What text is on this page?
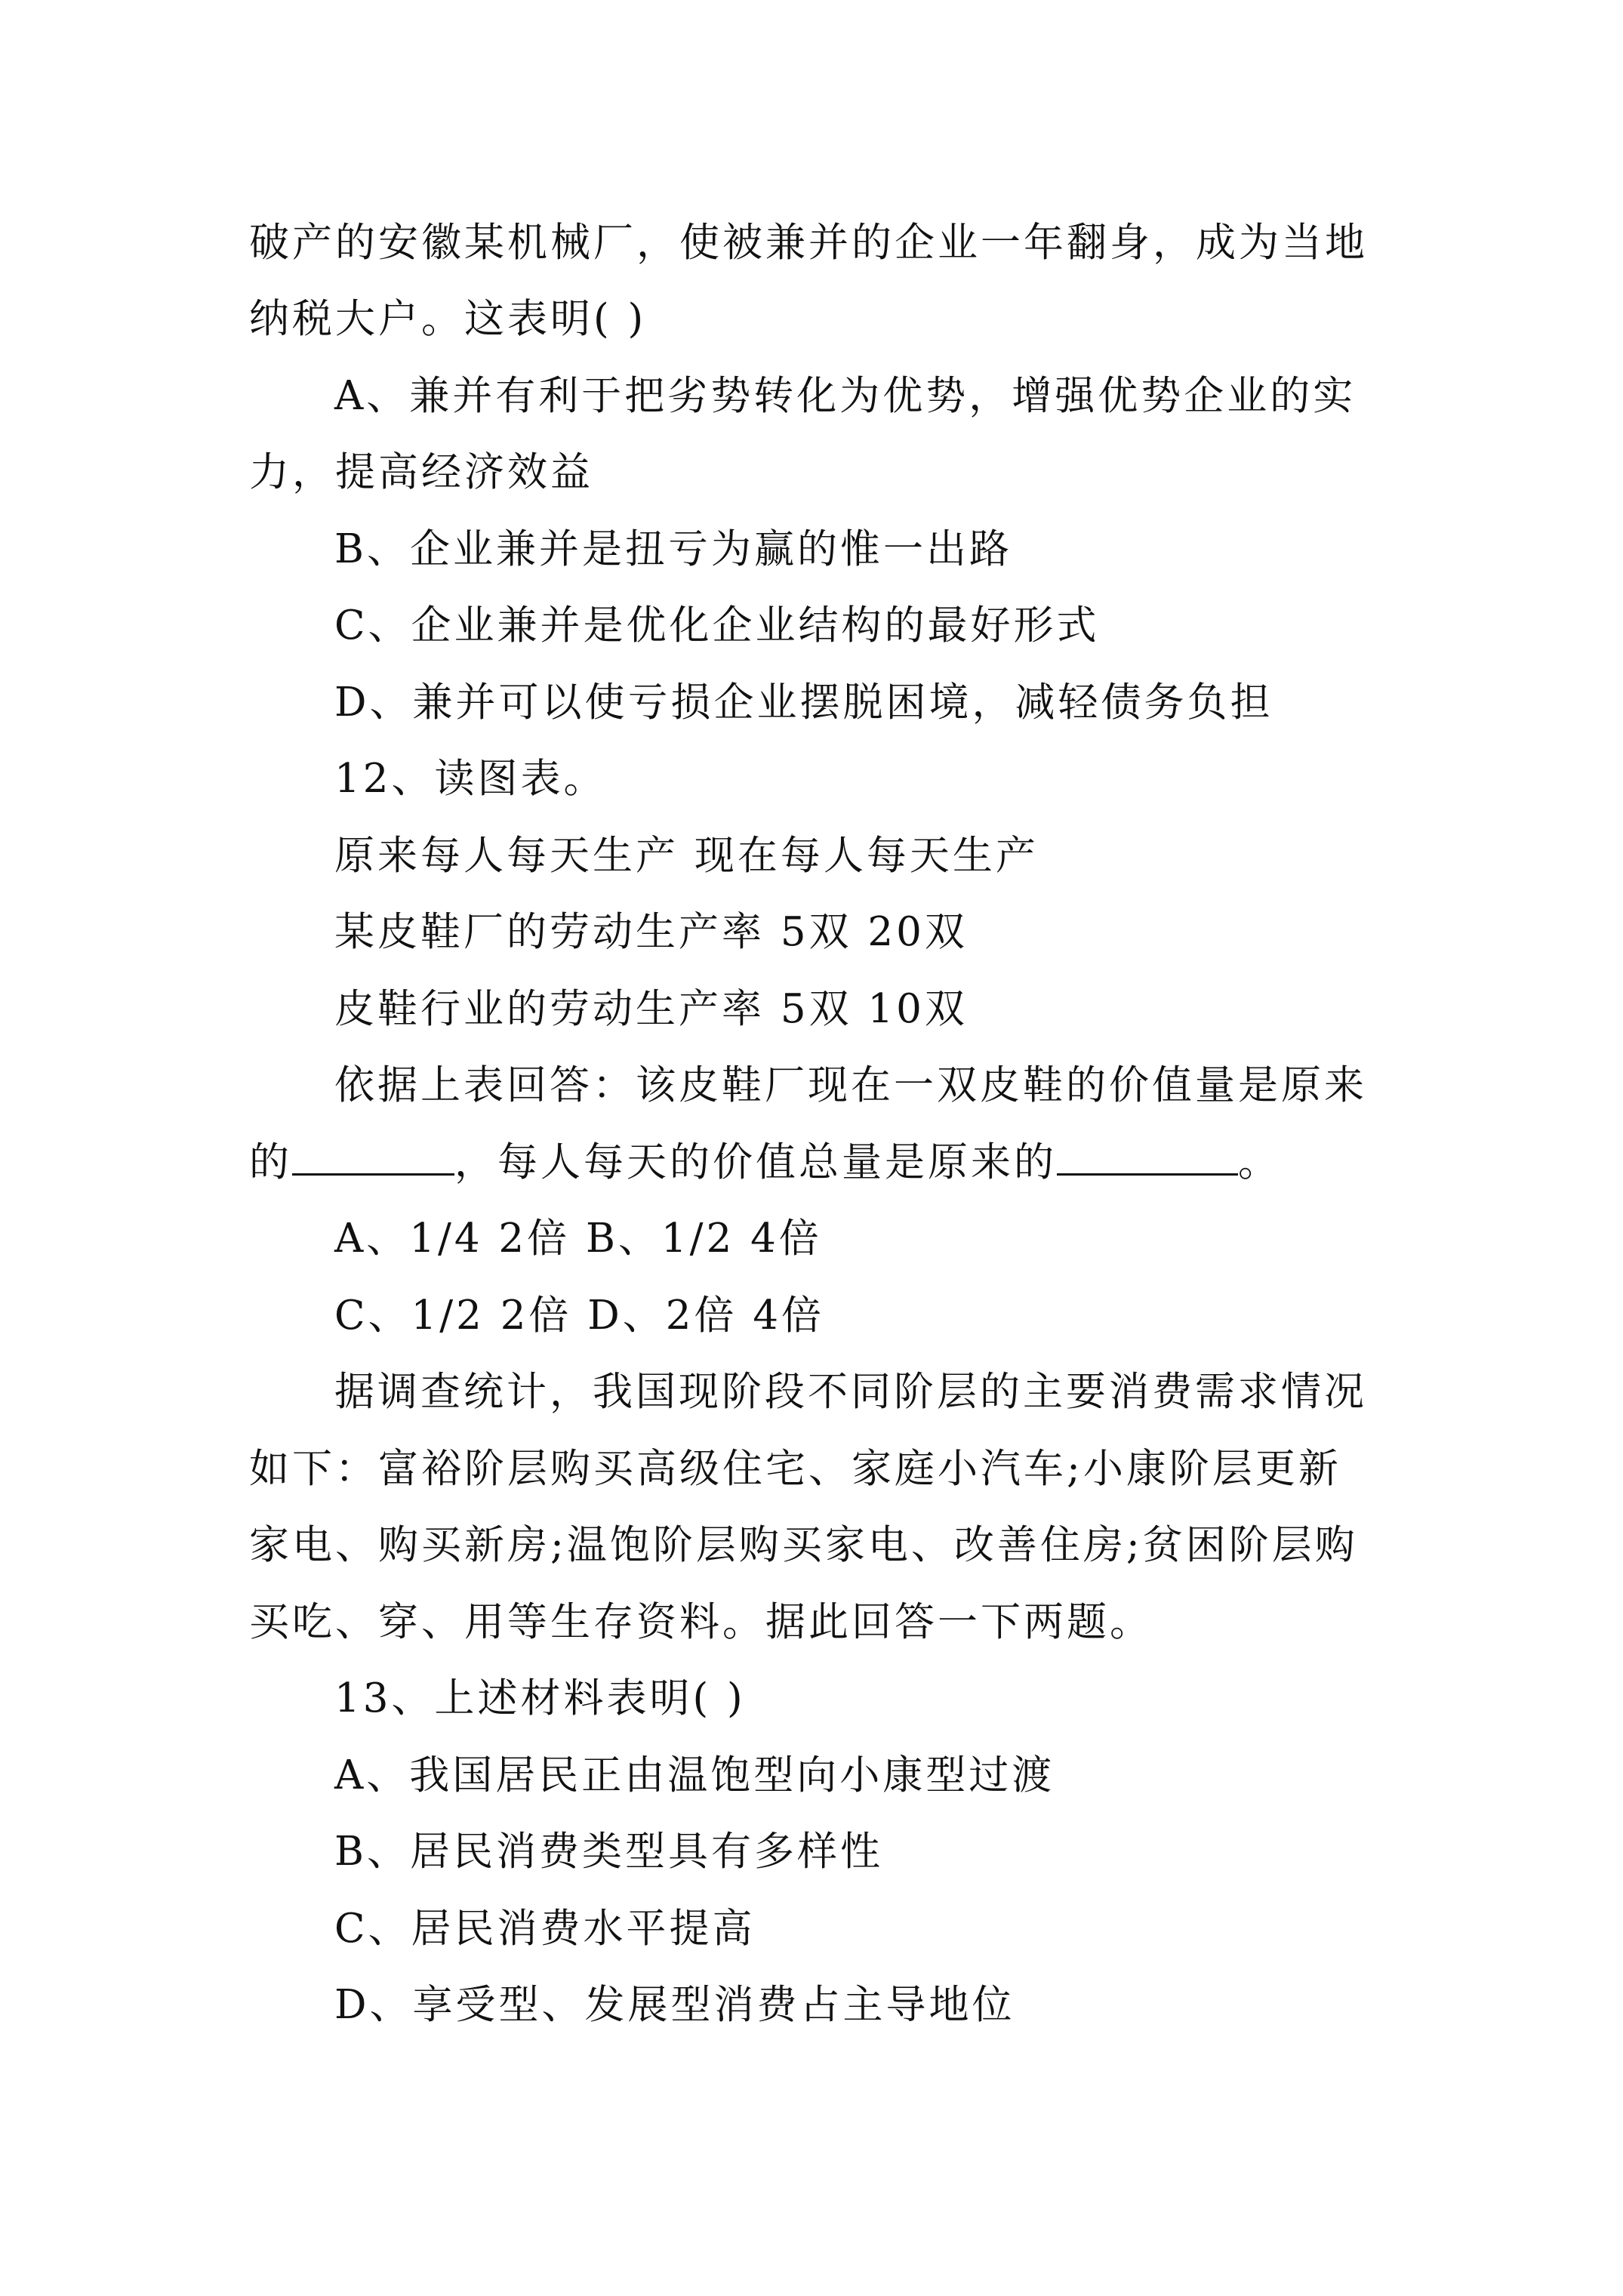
破产的安徽某机械厂，使被兼并的企业一年翻身，成为当地
纳税大户。这表明( )
A、兼并有利于把劣势转化为优势，增强优势企业的实
力，提高经济效益
B、企业兼并是扭亏为赢的惟一出路
C、企业兼并是优化企业结构的最好形式
D、兼并可以使亏损企业摆脱困境，减轻债务负担
12、读图表。
原来每人每天生产 现在每人每天生产
某皮鞋厂的劳动生产率 5双 20双
皮鞋行业的劳动生产率 5双 10双
依据上表回答：该皮鞋厂现在一双皮鞋的价值量是原来
的	，每人每天的价值总量是原来的	。
A、1/4 2倍 B、1/2 4倍
C、1/2 2倍 D、2倍 4倍
据调查统计，我国现阶段不同阶层的主要消费需求情况
如下：富裕阶层购买高级住宅、家庭小汽车;小康阶层更新
家电、购买新房;温饱阶层购买家电、改善住房;贫困阶层购
买吃、穿、用等生存资料。据此回答一下两题。
13、上述材料表明( )
A、我国居民正由温饱型向小康型过渡
B、居民消费类型具有多样性
C、居民消费水平提高
D、享受型、发展型消费占主导地位
